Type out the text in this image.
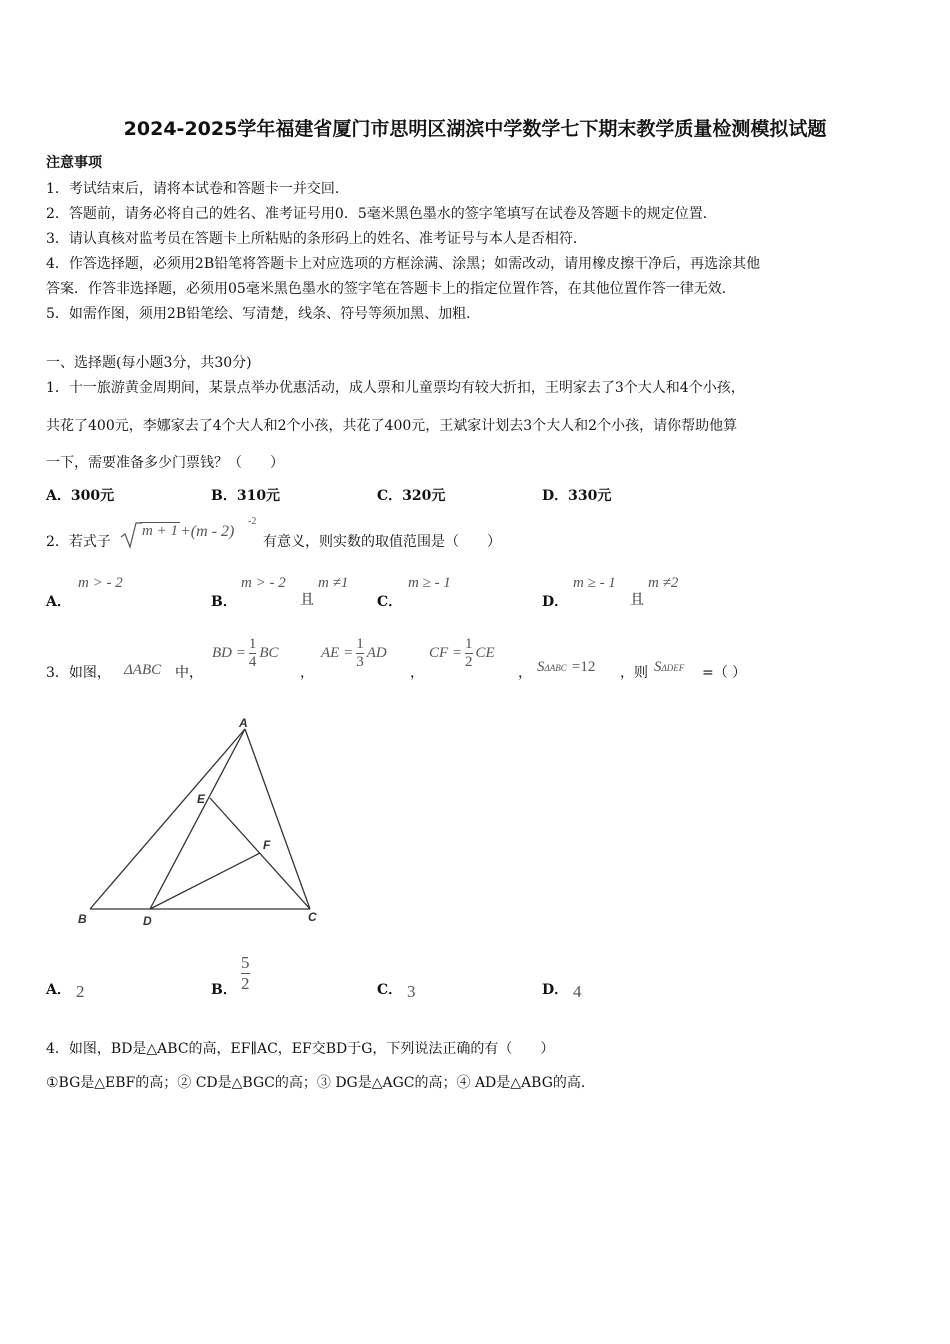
2024-2025学年福建省厦门市思明区湖滨中学数学七下期末教学质量检测模拟试题
注意事项
1．考试结束后，请将本试卷和答题卡一并交回．
2．答题前，请务必将自己的姓名、准考证号用0．5毫米黑色墨水的签字笔填写在试卷及答题卡的规定位置．
3．请认真核对监考员在答题卡上所粘贴的条形码上的姓名、准考证号与本人是否相符．
4．作答选择题，必须用2B铅笔将答题卡上对应选项的方框涂满、涂黑；如需改动，请用橡皮擦干净后，再选涂其他
答案．作答非选择题，必须用05毫米黑色墨水的签字笔在答题卡上的指定位置作答，在其他位置作答一律无效．
5．如需作图，须用2B铅笔绘、写清楚，线条、符号等须加黑、加粗．
一、选择题(每小题3分，共30分)
1．十一旅游黄金周期间，某景点举办优惠活动，成人票和儿童票均有较大折扣，王明家去了3个大人和4个小孩，
共花了400元，李娜家去了4个大人和2个小孩，共花了400元，王斌家计划去3个大人和2个小孩，请你帮助他算
一下，需要准备多少门票钱？（　　）
A．300元	B．310元	C．320元	D．330元
2．若式子
m + 1 +(m - 2)
-2
有意义，则实数的取值范围是（　　）
A．
m > - 2
B．
m > - 2
且
m ≠1
C．
m ≥ - 1
D．
m ≥ - 1
且
m ≠2
3．如图， ΔABC 中，
BD = $\frac{1}{4}$ BC
，
AE = $\frac{1}{3}$ AD
，
CF = $\frac{1}{2}$ CE
， SΔABC =12 ，则 SΔDEF =（ ）
A
B	C
D
E
F
A． 2	B．
5
2	C． 3	D． 4
4．如图，BD是△ABC的高，EF∥AC，EF交BD于G，下列说法正确的有（　　）
①BG是△EBF的高；② CD是△BGC的高；③ DG是△AGC的高；④ AD是△ABG的高．
